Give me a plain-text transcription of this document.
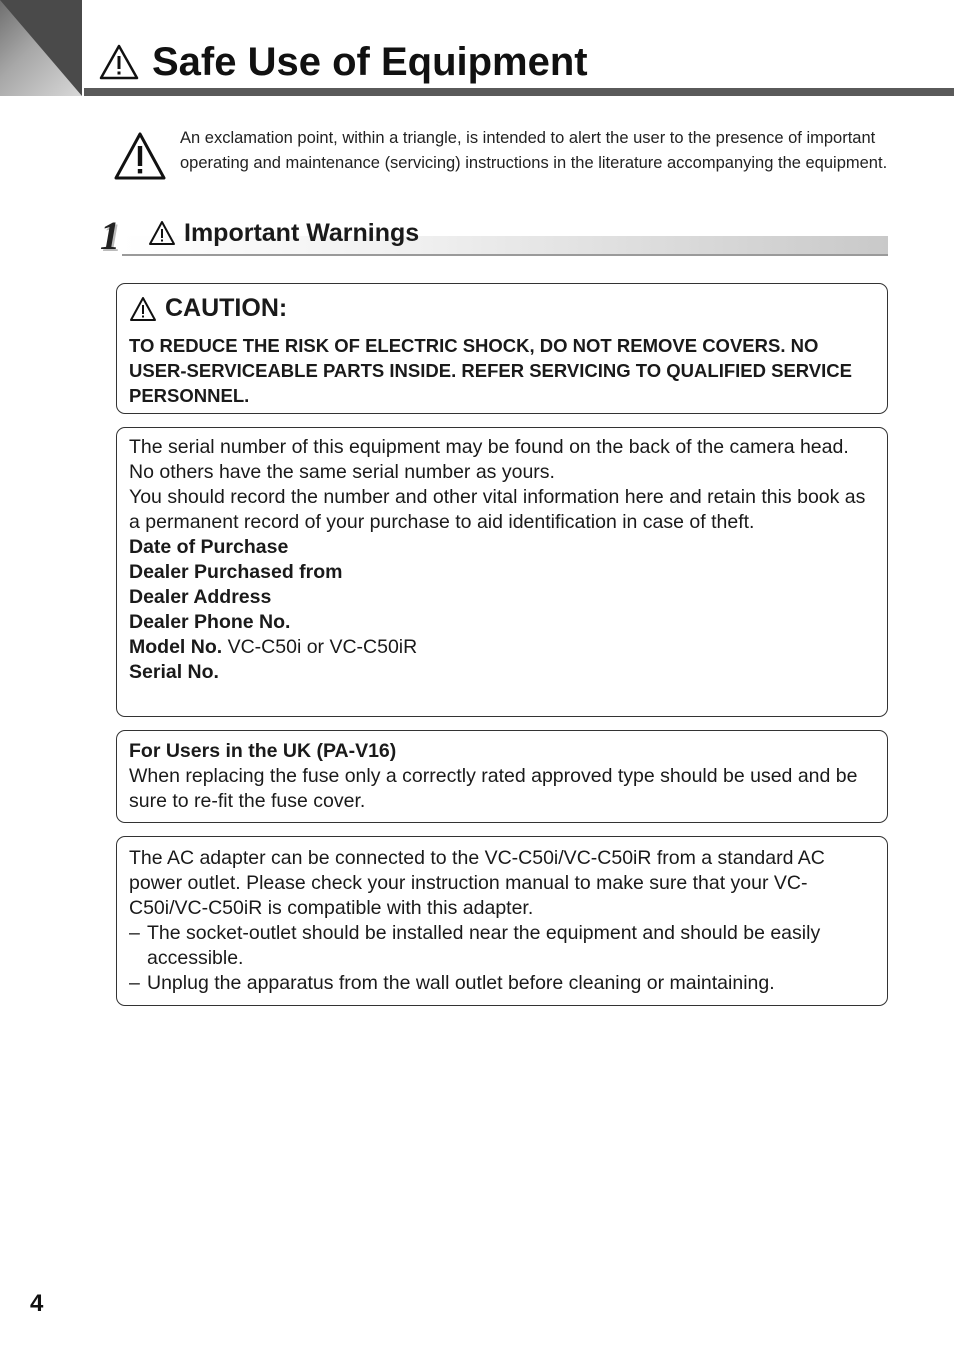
Safe Use of Equipment
An exclamation point, within a triangle, is intended to alert the user to the presence of important operating and maintenance (servicing) instructions in the literature accompanying the equipment.
1	Important Warnings
CAUTION:
TO REDUCE THE RISK OF ELECTRIC SHOCK, DO NOT REMOVE COVERS. NO USER-SERVICEABLE PARTS INSIDE. REFER SERVICING TO QUALIFIED SERVICE PERSONNEL.
The serial number of this equipment may be found on the back of the camera head. No others have the same serial number as yours.
You should record the number and other vital information here and retain this book as a permanent record of your purchase to aid identification in case of theft.
Date of Purchase
Dealer Purchased from
Dealer Address
Dealer Phone No.
Model No. VC-C50i or VC-C50iR
Serial No.
For Users in the UK (PA-V16)
When replacing the fuse only a correctly rated approved type should be used and be sure to re-fit the fuse cover.
The AC adapter can be connected to the VC-C50i/VC-C50iR from a standard AC power outlet. Please check your instruction manual to make sure that your VC-C50i/VC-C50iR is compatible with this adapter.
– The socket-outlet should be installed near the equipment and should be easily accessible.
– Unplug the apparatus from the wall outlet before cleaning or maintaining.
4
